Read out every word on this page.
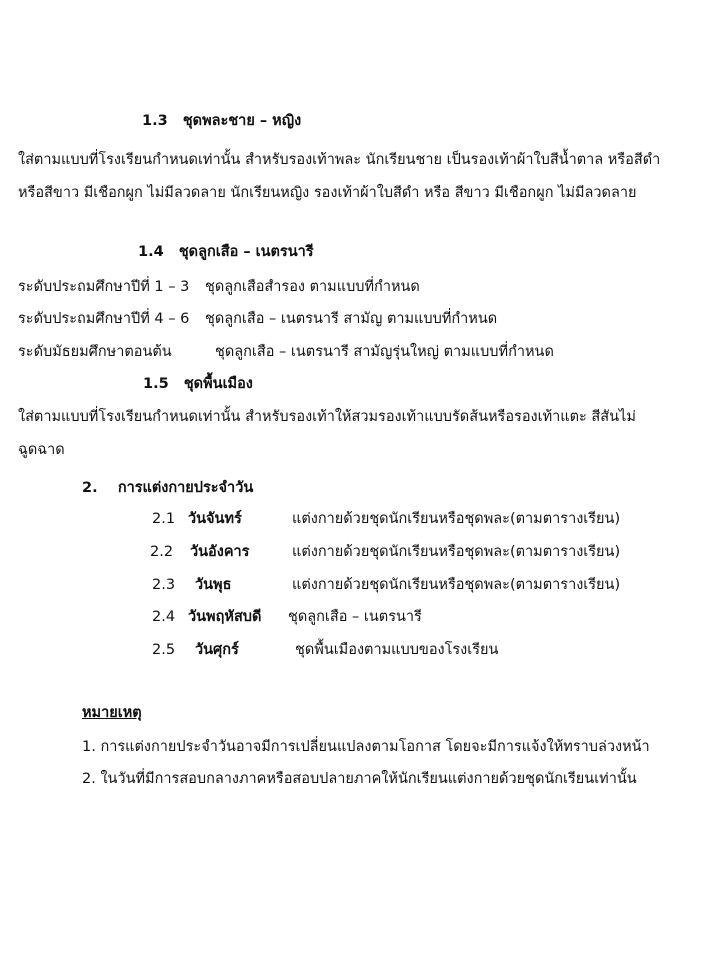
1.3 ชุดพละชาย – หญิง
ใส่ตามแบบที่โรงเรียนกำหนดเท่านั้น สำหรับรองเท้าพละ นักเรียนชาย เป็นรองเท้าผ้าใบสีน้ำตาล หรือสีดำ
หรือสีขาว มีเชือกผูก ไม่มีลวดลาย นักเรียนหญิง รองเท้าผ้าใบสีดำ หรือ สีขาว มีเชือกผูก ไม่มีลวดลาย
1.4 ชุดลูกเสือ – เนตรนารี
ระดับประถมศึกษาปีที่ 1 – 3 ชุดลูกเสือสำรอง ตามแบบที่กำหนด
ระดับประถมศึกษาปีที่ 4 – 6 ชุดลูกเสือ – เนตรนารี สามัญ ตามแบบที่กำหนด
ระดับมัธยมศึกษาตอนต้น	ชุดลูกเสือ – เนตรนารี สามัญรุ่นใหญ่ ตามแบบที่กำหนด
1.5 ชุดพื้นเมือง
ใส่ตามแบบที่โรงเรียนกำหนดเท่านั้น สำหรับรองเท้าให้สวมรองเท้าแบบรัดส้นหรือรองเท้าแตะ สีสันไม่
ฉูดฉาด
2. การแต่งกายประจำวัน
2.1 วันจันทร์	แต่งกายด้วยชุดนักเรียนหรือชุดพละ(ตามตารางเรียน)
2.2 วันอังคาร	แต่งกายด้วยชุดนักเรียนหรือชุดพละ(ตามตารางเรียน)
2.3 วันพุธ	แต่งกายด้วยชุดนักเรียนหรือชุดพละ(ตามตารางเรียน)
2.4 วันพฤหัสบดี ชุดลูกเสือ – เนตรนารี
2.5 วันศุกร์	ชุดพื้นเมืองตามแบบของโรงเรียน
หมายเหตุ
1. การแต่งกายประจำวันอาจมีการเปลี่ยนแปลงตามโอกาส โดยจะมีการแจ้งให้ทราบล่วงหน้า
2. ในวันที่มีการสอบกลางภาคหรือสอบปลายภาคให้นักเรียนแต่งกายด้วยชุดนักเรียนเท่านั้น
